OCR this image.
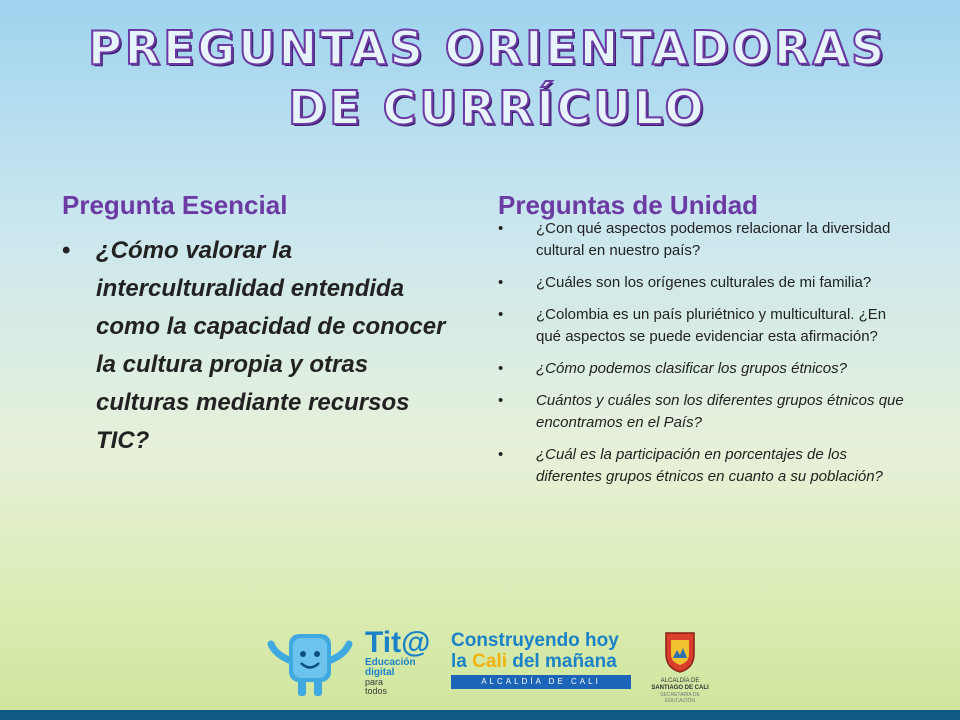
PREGUNTAS ORIENTADORAS
DE CURRÍCULO
Pregunta Esencial
• ¿Cómo valorar la interculturalidad entendida como la capacidad de conocer la cultura propia y otras culturas mediante recursos TIC?
Preguntas de Unidad
• ¿Con qué aspectos podemos relacionar la diversidad cultural en nuestro país?
• ¿Cuáles son los orígenes culturales de mi familia?
• ¿Colombia es un país pluriétnico y multicultural. ¿En qué aspectos se puede evidenciar esta afirmación?
• ¿Cómo podemos clasificar los grupos étnicos?
• Cuántos y cuáles son los diferentes grupos étnicos que encontramos en el País?
• ¿Cuál es la participación en porcentajes de los diferentes grupos étnicos en cuanto a su población?
Tit@
Educación
digital
para
todos
Construyendo hoy
la Cali del mañana
ALCALDÍA DE CALI	ALCALDÍA DE
SANTIAGO DE CALI
SECRETARÍA DE EDUCACIÓN
